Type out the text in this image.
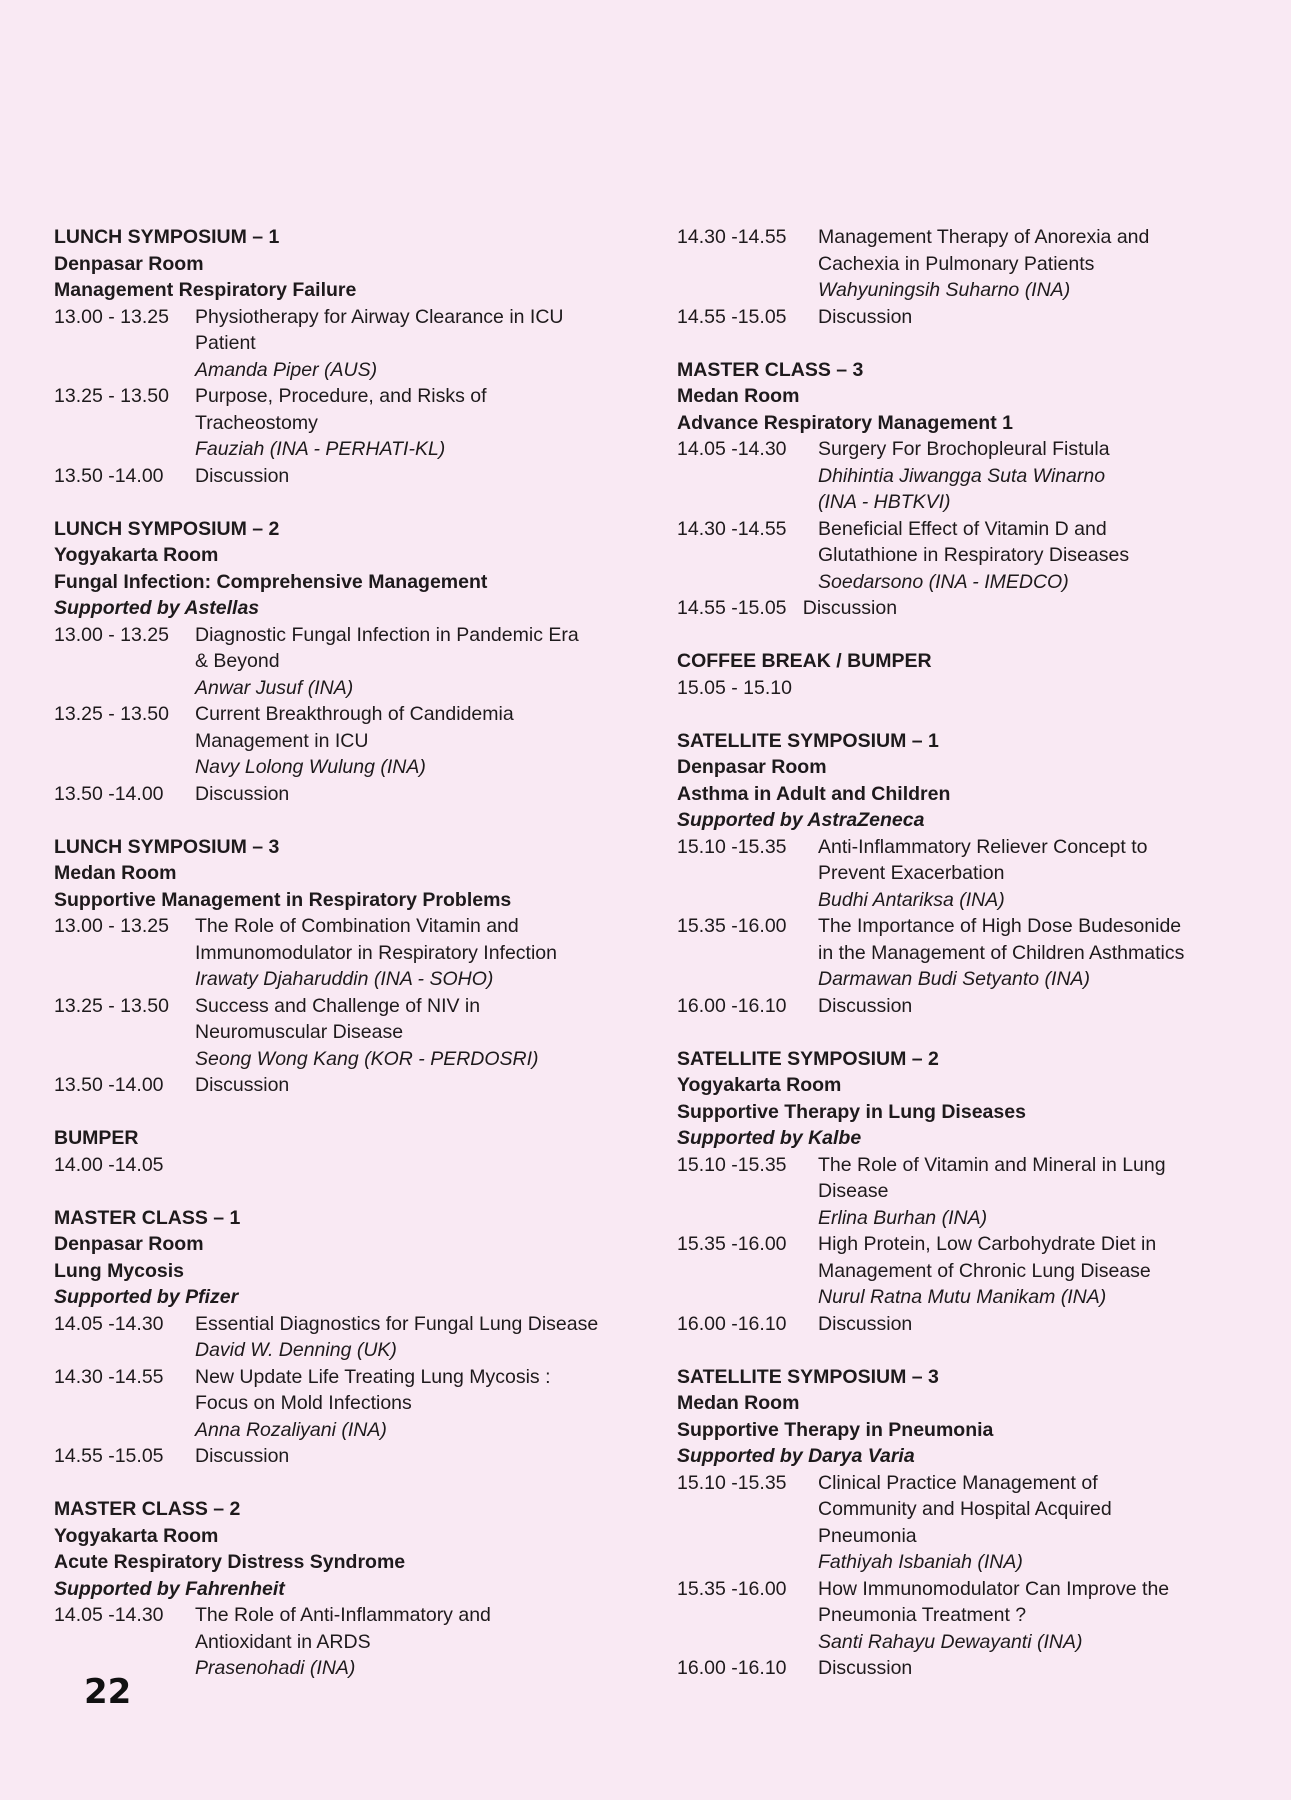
LUNCH SYMPOSIUM – 1
Denpasar Room
Management Respiratory Failure
13.00 - 13.25	Physiotherapy for Airway Clearance in ICU
Patient
Amanda Piper (AUS)
13.25 - 13.50	Purpose, Procedure, and Risks of
Tracheostomy
Fauziah (INA - PERHATI-KL)
13.50 -14.00	Discussion
LUNCH SYMPOSIUM – 2
Yogyakarta Room
Fungal Infection: Comprehensive Management
Supported by Astellas
13.00 - 13.25	Diagnostic Fungal Infection in Pandemic Era
& Beyond
Anwar Jusuf (INA)
13.25 - 13.50	Current Breakthrough of Candidemia
Management in ICU
Navy Lolong Wulung (INA)
13.50 -14.00	Discussion
LUNCH SYMPOSIUM – 3
Medan Room
Supportive Management in Respiratory Problems
13.00 - 13.25	The Role of Combination Vitamin and
Immunomodulator in Respiratory Infection
Irawaty Djaharuddin (INA - SOHO)
13.25 - 13.50	Success and Challenge of NIV in
Neuromuscular Disease
Seong Wong Kang (KOR - PERDOSRI)
13.50 -14.00	Discussion
BUMPER
14.00 -14.05
MASTER CLASS – 1
Denpasar Room
Lung Mycosis
Supported by Pfizer
14.05 -14.30	Essential Diagnostics for Fungal Lung Disease
David W. Denning (UK)
14.30 -14.55	New Update Life Treating Lung Mycosis :
Focus on Mold Infections
Anna Rozaliyani (INA)
14.55 -15.05	Discussion
MASTER CLASS – 2
Yogyakarta Room
Acute Respiratory Distress Syndrome
Supported by Fahrenheit
14.05 -14.30	The Role of Anti-Inflammatory and
Antioxidant in ARDS
Prasenohadi (INA)
14.30 -14.55	Management Therapy of Anorexia and
Cachexia in Pulmonary Patients
Wahyuningsih Suharno (INA)
14.55 -15.05	Discussion
MASTER CLASS – 3
Medan Room
Advance Respiratory Management 1
14.05 -14.30	Surgery For Brochopleural Fistula
Dhihintia Jiwangga Suta Winarno
(INA - HBTKVI)
14.30 -14.55	Beneficial Effect of Vitamin D and
Glutathione in Respiratory Diseases
Soedarsono (INA - IMEDCO)
14.55 -15.05   Discussion
COFFEE BREAK / BUMPER
15.05 - 15.10
SATELLITE SYMPOSIUM – 1
Denpasar Room
Asthma in Adult and Children
Supported by AstraZeneca
15.10 -15.35	Anti-Inflammatory Reliever Concept to
Prevent Exacerbation
Budhi Antariksa (INA)
15.35 -16.00	The Importance of High Dose Budesonide
in the Management of Children Asthmatics
Darmawan Budi Setyanto (INA)
16.00 -16.10	Discussion
SATELLITE SYMPOSIUM – 2
Yogyakarta Room
Supportive Therapy in Lung Diseases
Supported by Kalbe
15.10 -15.35	The Role of Vitamin and Mineral in Lung
Disease
Erlina Burhan (INA)
15.35 -16.00	High Protein, Low Carbohydrate Diet in
Management of Chronic Lung Disease
Nurul Ratna Mutu Manikam (INA)
16.00 -16.10	Discussion
SATELLITE SYMPOSIUM – 3
Medan Room
Supportive Therapy in Pneumonia
Supported by Darya Varia
15.10 -15.35	Clinical Practice Management of
Community and Hospital Acquired
Pneumonia
Fathiyah Isbaniah (INA)
15.35 -16.00	How Immunomodulator Can Improve the
Pneumonia Treatment ?
Santi Rahayu Dewayanti (INA)
16.00 -16.10	Discussion
22
